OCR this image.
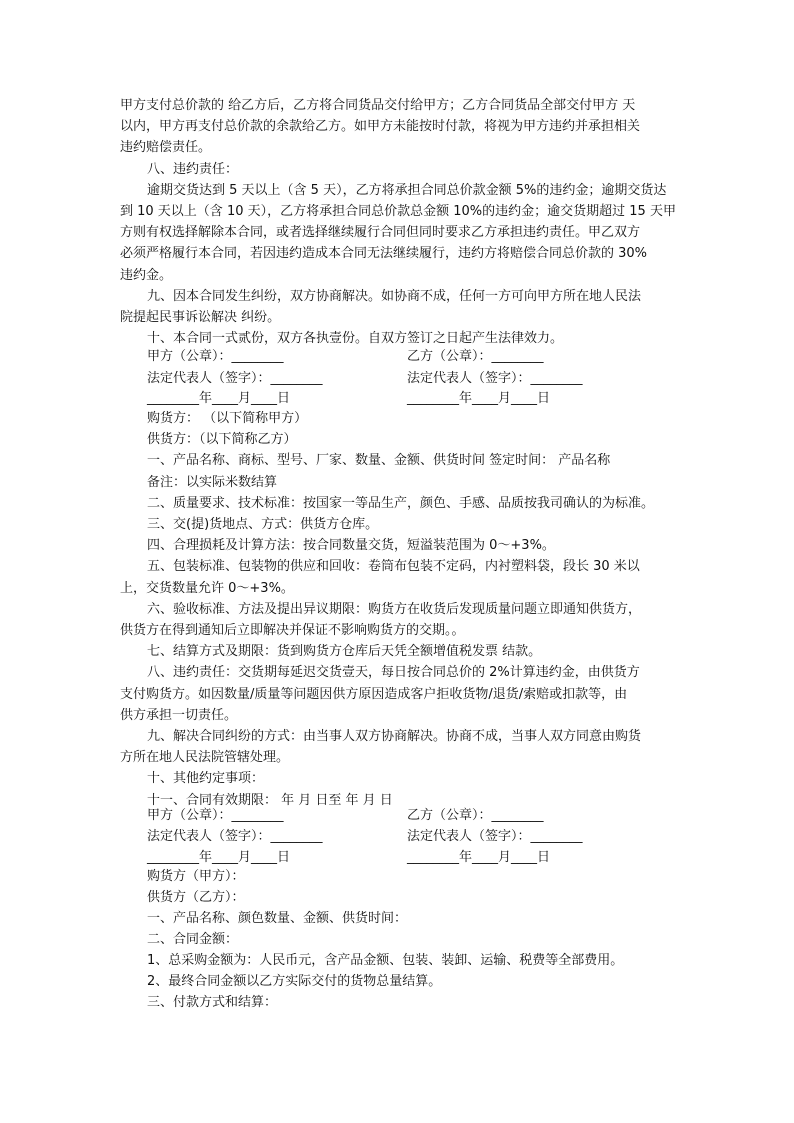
甲方支付总价款的 给乙方后，乙方将合同货品交付给甲方；乙方合同货品全部交付甲方 天
以内，甲方再支付总价款的余款给乙方。如甲方未能按时付款，将视为甲方违约并承担相关
违约赔偿责任。
八、违约责任：
逾期交货达到 5 天以上（含 5 天），乙方将承担合同总价款金额 5%的违约金；逾期交货达
到 10 天以上（含 10 天），乙方将承担合同总价款总金额 10%的违约金；逾交货期超过 15 天甲
方则有权选择解除本合同，或者选择继续履行合同但同时要求乙方承担违约责任。甲乙双方
必须严格履行本合同，若因违约造成本合同无法继续履行，违约方将赔偿合同总价款的 30%
违约金。
九、因本合同发生纠纷，双方协商解决。如协商不成，任何一方可向甲方所在地人民法
院提起民事诉讼解决 纠纷。
十、本合同一式贰份，双方各执壹份。自双方签订之日起产生法律效力。
甲方（公章）：________	乙方（公章）：________
法定代表人（签字）：________	法定代表人（签字）：________
________年____月____日	________年____月____日
购货方： （以下简称甲方）
供货方：（以下简称乙方）
一、产品名称、商标、型号、厂家、数量、金额、供货时间 签定时间： 产品名称
备注：以实际米数结算
二、质量要求、技术标准：按国家一等品生产，颜色、手感、品质按我司确认的为标准。
三、交(提)货地点、方式：供货方仓库。
四、合理损耗及计算方法：按合同数量交货，短溢装范围为 0～+3%。
五、包装标准、包装物的供应和回收：卷筒布包装不定码，内衬塑料袋，段长 30 米以
上，交货数量允许 0～+3%。
六、验收标准、方法及提出异议期限：购货方在收货后发现质量问题立即通知供货方，
供货方在得到通知后立即解决并保证不影响购货方的交期。。
七、结算方式及期限：货到购货方仓库后天凭全额增值税发票 结款。
八、违约责任：交货期每延迟交货壹天，每日按合同总价的 2%计算违约金，由供货方
支付购货方。如因数量/质量等问题因供方原因造成客户拒收货物/退货/索赔或扣款等，由
供方承担一切责任。
九、解决合同纠纷的方式：由当事人双方协商解决。协商不成，当事人双方同意由购货
方所在地人民法院管辖处理。
十、其他约定事项：
十一、合同有效期限： 年 月 日至 年 月 日
甲方（公章）：________	乙方（公章）：________
法定代表人（签字）：________	法定代表人（签字）：________
________年____月____日	________年____月____日
购货方（甲方）：
供货方（乙方）：
一、产品名称、颜色数量、金额、供货时间：
二、合同金额：
1、总采购金额为：人民币元，含产品金额、包装、装卸、运输、税费等全部费用。
2、最终合同金额以乙方实际交付的货物总量结算。
三、付款方式和结算：
